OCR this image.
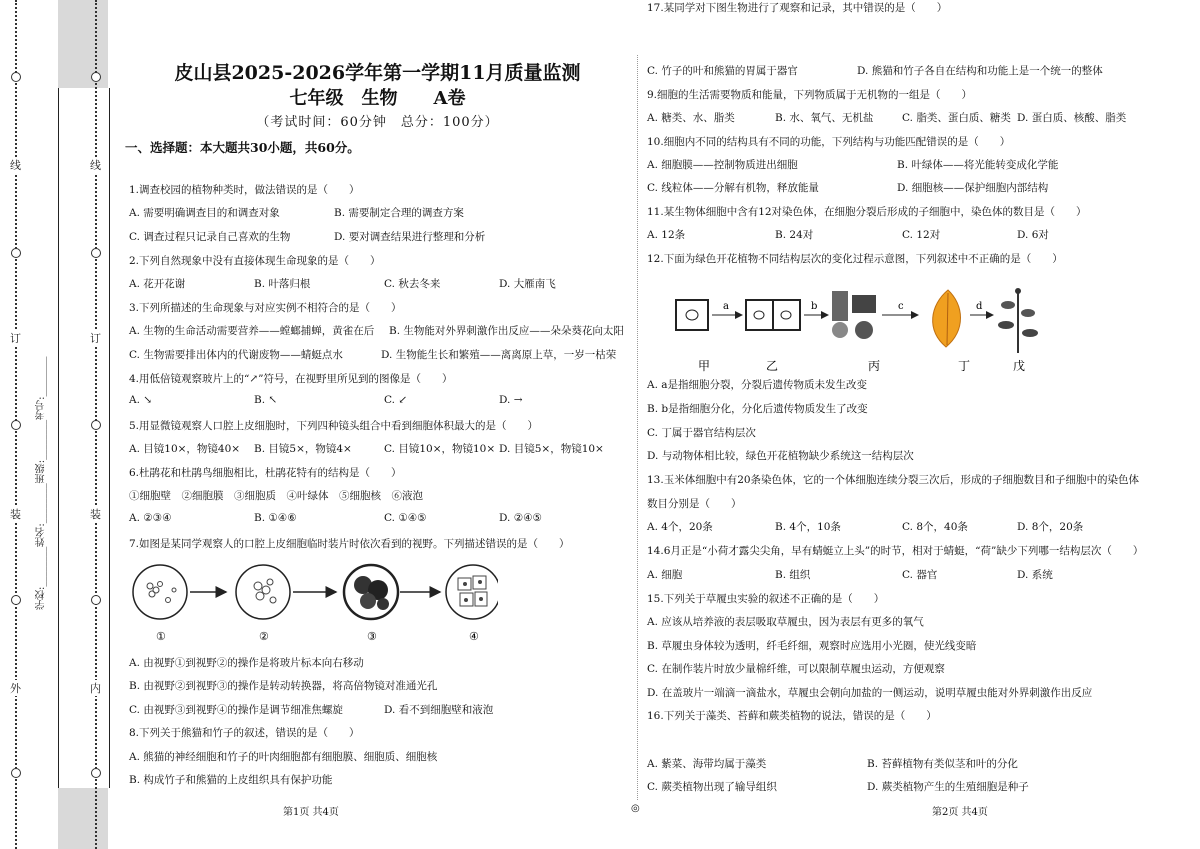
线
订
装
外
线
订
装
内
学校:________姓名:________班级:________考号:________
皮山县2025-2026学年第一学期11月质量监测
七年级　生物　　A卷
（考试时间：60分钟　总分：100分）
一、选择题：本大题共30小题，共60分。
1.调查校园的植物种类时，做法错误的是（　　）
A. 需要明确调查目的和调查对象	B. 需要制定合理的调查方案
C. 调查过程只记录自己喜欢的生物	D. 要对调查结果进行整理和分析
2.下列自然现象中没有直接体现生命现象的是（　　）
A. 花开花谢	B. 叶落归根	C. 秋去冬来	D. 大雁南飞
3.下列所描述的生命现象与对应实例不相符合的是（　　）
A. 生物的生命活动需要营养——螳螂捕蝉，黄雀在后 B. 生物能对外界刺激作出反应——朵朵葵花向太阳
C. 生物需要排出体内的代谢废物——蜻蜓点水	D. 生物能生长和繁殖——离离原上草，一岁一枯荣
4.用低倍镜观察玻片上的“↗”符号，在视野里所见到的图像是（　　）
A. ↘	B. ↖	C. ↙	D. →
5.用显微镜观察人口腔上皮细胞时，下列四种镜头组合中看到细胞体积最大的是（　　）
A. 目镜10×，物镜40× B. 目镜5×，物镜4×	C. 目镜10×，物镜10× D. 目镜5×，物镜10×
6.杜鹃花和杜鹃鸟细胞相比，杜鹃花特有的结构是（　　）
①细胞壁　②细胞膜　③细胞质　④叶绿体　⑤细胞核　⑥液泡
A. ②③④	B. ①④⑥	C. ①④⑤	D. ②④⑤
7.如图是某同学观察人的口腔上皮细胞临时装片时依次看到的视野。下列描述错误的是（　　）
A. 由视野①到视野②的操作是将玻片标本向右移动
B. 由视野②到视野③的操作是转动转换器，将高倍物镜对准通光孔
C. 由视野③到视野④的操作是调节细准焦螺旋	D. 看不到细胞壁和液泡
8.下列关于熊猫和竹子的叙述，错误的是（　　）
A. 熊猫的神经细胞和竹子的叶肉细胞都有细胞膜、细胞质、细胞核
B. 构成竹子和熊猫的上皮组织具有保护功能
①	②	③	④
第1页 共4页	◎
C. 竹子的叶和熊猫的胃属于器官	D. 熊猫和竹子各自在结构和功能上是一个统一的整体
9.细胞的生活需要物质和能量，下列物质属于无机物的一组是（　　）
A. 糖类、水、脂类	B. 水、氧气、无机盐	C. 脂类、蛋白质、糖类 D. 蛋白质、核酸、脂类
10.细胞内不同的结构具有不同的功能，下列结构与功能匹配错误的是（　　）
A. 细胞膜——控制物质进出细胞	B. 叶绿体——将光能转变成化学能
C. 线粒体——分解有机物，释放能量	D. 细胞核——保护细胞内部结构
11.某生物体细胞中含有12对染色体，在细胞分裂后形成的子细胞中，染色体的数目是（　　）
A. 12条	B. 24对	C. 12对	D. 6对
12.下面为绿色开花植物不同结构层次的变化过程示意图，下列叙述中不正确的是（　　）
A. a是指细胞分裂，分裂后遗传物质未发生改变
B. b是指细胞分化，分化后遗传物质发生了改变
C. 丁属于器官结构层次
D. 与动物体相比较，绿色开花植物缺少系统这一结构层次
13.玉米体细胞中有20条染色体，它的一个体细胞连续分裂三次后，形成的子细胞数目和子细胞中的染色体
数目分别是（　　）
A. 4个，20条	B. 4个，10条	C. 8个，40条	D. 8个，20条
14.6月正是“小荷才露尖尖角，早有蜻蜓立上头”的时节，相对于蜻蜓，“荷”缺少下列哪一结构层次（　　）
A. 细胞	B. 组织	C. 器官	D. 系统
15.下列关于草履虫实验的叙述不正确的是（　　）
A. 应该从培养液的表层吸取草履虫，因为表层有更多的氧气
B. 草履虫身体较为透明，纤毛纤细，观察时应选用小光圈，使光线变暗
C. 在制作装片时放少量棉纤维，可以限制草履虫运动，方便观察
D. 在盖玻片一端滴一滴盐水，草履虫会朝向加盐的一侧运动，说明草履虫能对外界刺激作出反应
16.下列关于藻类、苔藓和蕨类植物的说法，错误的是（　　）
A. 紫菜、海带均属于藻类	B. 苔藓植物有类似茎和叶的分化
C. 蕨类植物出现了输导组织	D. 蕨类植物产生的生殖细胞是种子
17.某同学对下图生物进行了观察和记录，其中错误的是（　　）
a	b	c	d
甲	乙	丙	丁	戊
第2页 共4页
